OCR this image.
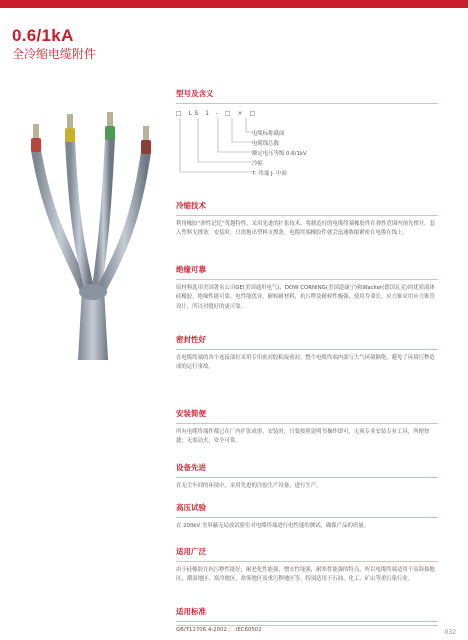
0.6/1kA
全冷缩电缆附件
型号及含义
□ LS 1 - □ × □
电缆标称截面
电缆线芯数
额定电压等级 0.6/1kV
冷缩
T- 终端 J- 中间
冷缩技术
利用橡胶“弹性记忆”优越特性，采用先进的扩张技术，将制造好的电缆终端橡胶件在弹性范围内预先撑开，套入塑料支撑条。安装时，只需拖出塑料支撑条，电缆终端橡胶件就会迅速收缩紧密在电缆在线上。
绝缘可靠
原材料选用美国著名公司GE(美国通用电气)、DOW CORNING(美国道康宁)和Wacker(德国瓦克)的优质液体硅橡胶，绝缘性能可靠，电性能优异，耐候耐材料，抗污秽及耐候性极强，使用寿命长。应力锥采用应力锥管设计，所以对缝好的更可靠。
密封性好
在电缆终端的各个连接部位采用专用密封胶粘接密封，整个电缆终端内部与大气环境隔绝，避免了环境污秽造成的运行事故。
安装简便
所有电缆终端件都已在厂内扩张成形，安装时，只要按照说明书操作即可，无须专业安装专业工具，所便快捷；无需动火，安全可靠。
设备先进
在无尘车间的环境中，采用先进的注胶生产设备，进行生产。
高压试验
在 200kV 全屏蔽无局放试验室对电缆终端进行电性能的测试，确保产品的质量。
适用广泛
由于硅橡胶在抗污秽性能好，耐老化性能强，憎水性能强，耐寒性能强的特点，所以电缆终端适用于高海拔地区、潮湿地区、寒冷地区、盐雾地区及重污秽地区等。特别适用于石油、化工、矿山等重污染行业。
适用标准
GB/T12706.4-2002 ； IEC60502	032
